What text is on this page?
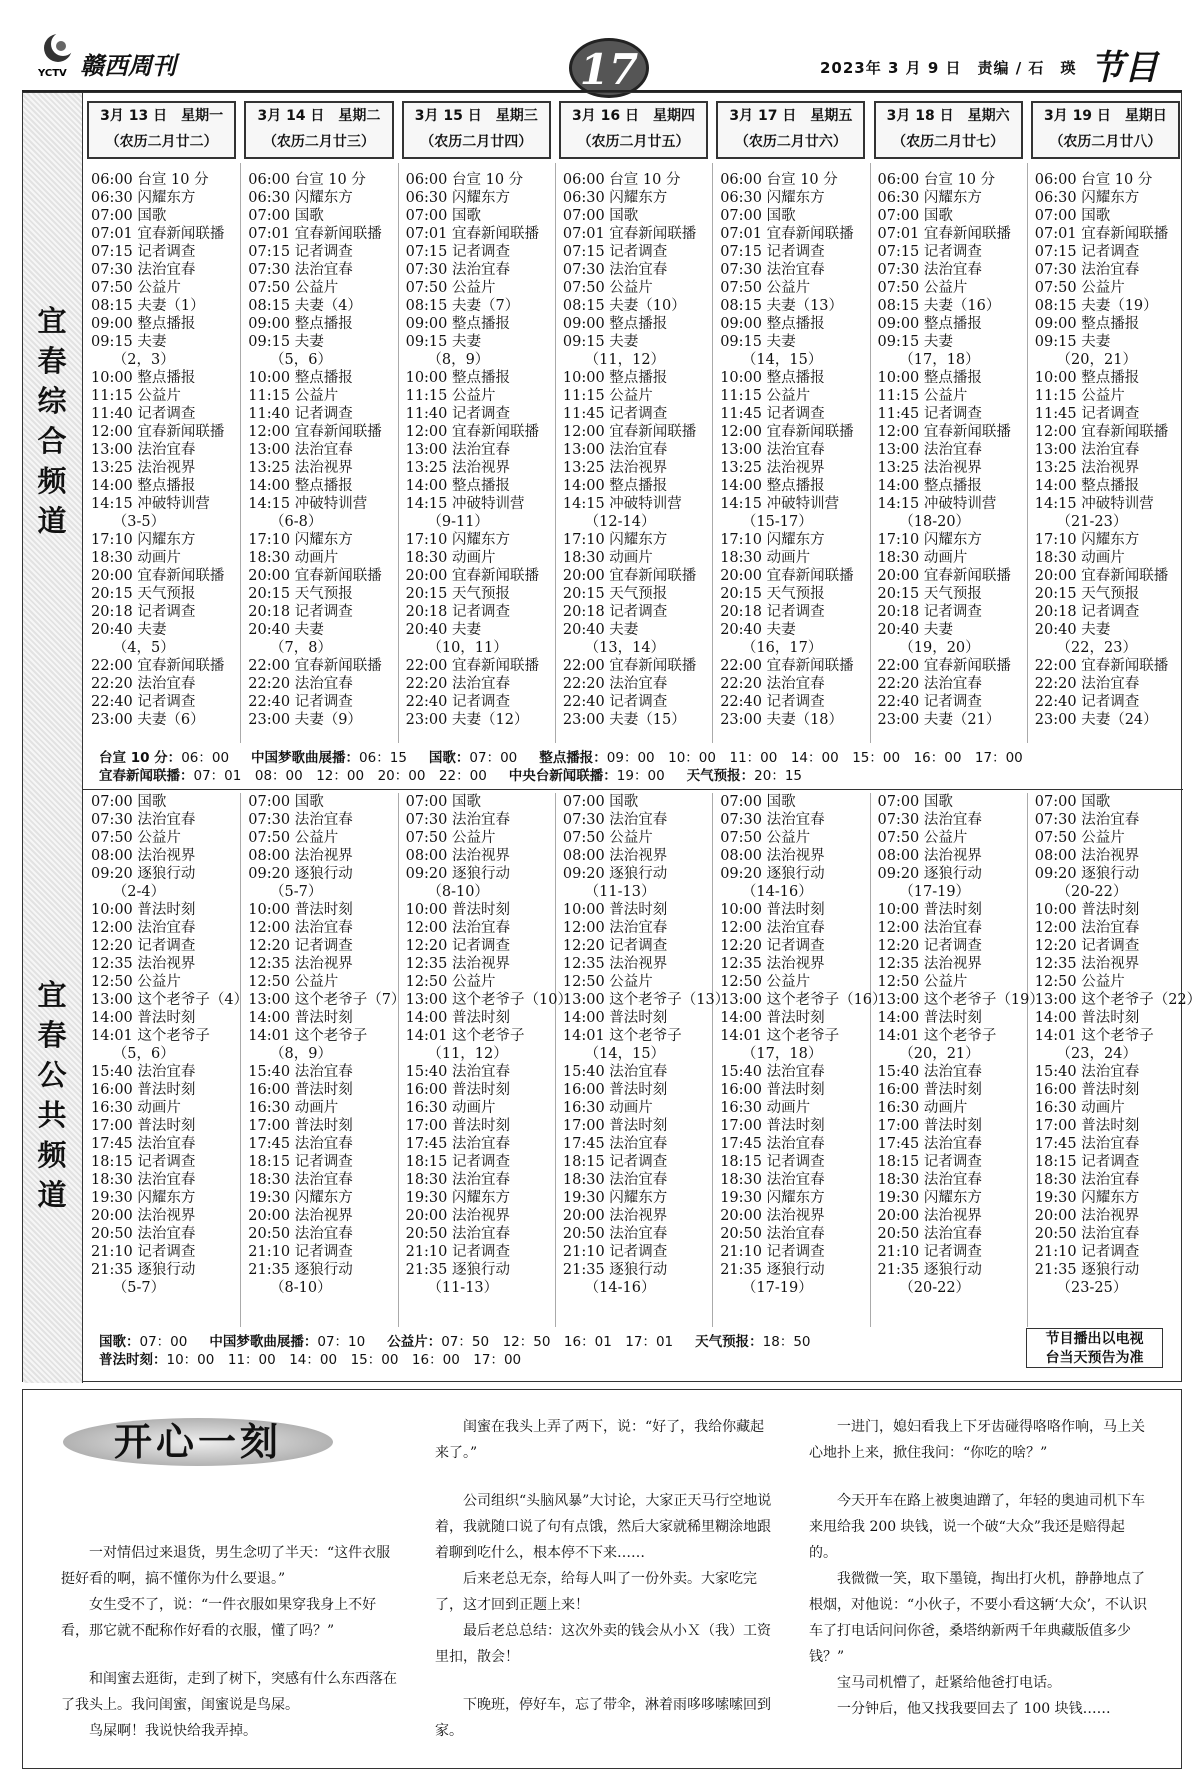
YCTV 赣西周刊	17	2023年 3 月 9 日　责编 / 石　瑛 节目
宜春综合频道
宜春公共频道
台宣 10 分：06：00 中国梦歌曲展播：06：15 国歌：07：00 整点播报：09：00　10：00　11：00　14：00　15：00　16：00　17：00
宜春新闻联播：07：01　08：00　12：00　20：00　22：00 中央台新闻联播：19：00 天气预报：20：15
国歌：07：00 中国梦歌曲展播：07：10 公益片：07：50　12：50　16：01　17：01 天气预报：18：50
普法时刻：10：00　11：00　14：00　15：00　16：00　17：00
节目播出以电视
台当天预告为准
3月 13 日　星期一
（农历二月廿二）
3月 14 日　星期二
（农历二月廿三）
3月 15 日　星期三
（农历二月廿四）
3月 16 日　星期四
（农历二月廿五）
3月 17 日　星期五
（农历二月廿六）
3月 18 日　星期六
（农历二月廿七）
3月 19 日　星期日
（农历二月廿八）
06:00 台宣 10 分
06:30 闪耀东方
07:00 国歌
07:01 宜春新闻联播
07:15 记者调查
07:30 法治宜春
07:50 公益片
08:15 夫妻（1）
09:00 整点播报
09:15 夫妻
　　（2，3）
10:00 整点播报
11:15 公益片
11:40 记者调查
12:00 宜春新闻联播
13:00 法治宜春
13:25 法治视界
14:00 整点播报
14:15 冲破特训营
　　（3-5）
17:10 闪耀东方
18:30 动画片
20:00 宜春新闻联播
20:15 天气预报
20:18 记者调查
20:40 夫妻
　　（4，5）
22:00 宜春新闻联播
22:20 法治宜春
22:40 记者调查
23:00 夫妻（6）
06:00 台宣 10 分
06:30 闪耀东方
07:00 国歌
07:01 宜春新闻联播
07:15 记者调查
07:30 法治宜春
07:50 公益片
08:15 夫妻（4）
09:00 整点播报
09:15 夫妻
　　（5，6）
10:00 整点播报
11:15 公益片
11:40 记者调查
12:00 宜春新闻联播
13:00 法治宜春
13:25 法治视界
14:00 整点播报
14:15 冲破特训营
　　（6-8）
17:10 闪耀东方
18:30 动画片
20:00 宜春新闻联播
20:15 天气预报
20:18 记者调查
20:40 夫妻
　　（7，8）
22:00 宜春新闻联播
22:20 法治宜春
22:40 记者调查
23:00 夫妻（9）
06:00 台宣 10 分
06:30 闪耀东方
07:00 国歌
07:01 宜春新闻联播
07:15 记者调查
07:30 法治宜春
07:50 公益片
08:15 夫妻（7）
09:00 整点播报
09:15 夫妻
　　（8，9）
10:00 整点播报
11:15 公益片
11:40 记者调查
12:00 宜春新闻联播
13:00 法治宜春
13:25 法治视界
14:00 整点播报
14:15 冲破特训营
　　（9-11）
17:10 闪耀东方
18:30 动画片
20:00 宜春新闻联播
20:15 天气预报
20:18 记者调查
20:40 夫妻
　　（10，11）
22:00 宜春新闻联播
22:20 法治宜春
22:40 记者调查
23:00 夫妻（12）
06:00 台宣 10 分
06:30 闪耀东方
07:00 国歌
07:01 宜春新闻联播
07:15 记者调查
07:30 法治宜春
07:50 公益片
08:15 夫妻（10）
09:00 整点播报
09:15 夫妻
　　（11，12）
10:00 整点播报
11:15 公益片
11:45 记者调查
12:00 宜春新闻联播
13:00 法治宜春
13:25 法治视界
14:00 整点播报
14:15 冲破特训营
　　（12-14）
17:10 闪耀东方
18:30 动画片
20:00 宜春新闻联播
20:15 天气预报
20:18 记者调查
20:40 夫妻
　　（13，14）
22:00 宜春新闻联播
22:20 法治宜春
22:40 记者调查
23:00 夫妻（15）
06:00 台宣 10 分
06:30 闪耀东方
07:00 国歌
07:01 宜春新闻联播
07:15 记者调查
07:30 法治宜春
07:50 公益片
08:15 夫妻（13）
09:00 整点播报
09:15 夫妻
　　（14，15）
10:00 整点播报
11:15 公益片
11:45 记者调查
12:00 宜春新闻联播
13:00 法治宜春
13:25 法治视界
14:00 整点播报
14:15 冲破特训营
　　（15-17）
17:10 闪耀东方
18:30 动画片
20:00 宜春新闻联播
20:15 天气预报
20:18 记者调查
20:40 夫妻
　　（16，17）
22:00 宜春新闻联播
22:20 法治宜春
22:40 记者调查
23:00 夫妻（18）
06:00 台宣 10 分
06:30 闪耀东方
07:00 国歌
07:01 宜春新闻联播
07:15 记者调查
07:30 法治宜春
07:50 公益片
08:15 夫妻（16）
09:00 整点播报
09:15 夫妻
　　（17，18）
10:00 整点播报
11:15 公益片
11:45 记者调查
12:00 宜春新闻联播
13:00 法治宜春
13:25 法治视界
14:00 整点播报
14:15 冲破特训营
　　（18-20）
17:10 闪耀东方
18:30 动画片
20:00 宜春新闻联播
20:15 天气预报
20:18 记者调查
20:40 夫妻
　　（19，20）
22:00 宜春新闻联播
22:20 法治宜春
22:40 记者调查
23:00 夫妻（21）
06:00 台宣 10 分
06:30 闪耀东方
07:00 国歌
07:01 宜春新闻联播
07:15 记者调查
07:30 法治宜春
07:50 公益片
08:15 夫妻（19）
09:00 整点播报
09:15 夫妻
　　（20，21）
10:00 整点播报
11:15 公益片
11:45 记者调查
12:00 宜春新闻联播
13:00 法治宜春
13:25 法治视界
14:00 整点播报
14:15 冲破特训营
　　（21-23）
17:10 闪耀东方
18:30 动画片
20:00 宜春新闻联播
20:15 天气预报
20:18 记者调查
20:40 夫妻
　　（22，23）
22:00 宜春新闻联播
22:20 法治宜春
22:40 记者调查
23:00 夫妻（24）
07:00 国歌
07:30 法治宜春
07:50 公益片
08:00 法治视界
09:20 逐狼行动
　　（2-4）
10:00 普法时刻
12:00 法治宜春
12:20 记者调查
12:35 法治视界
12:50 公益片
13:00 这个老爷子（4）
14:00 普法时刻
14:01 这个老爷子
　　（5，6）
15:40 法治宜春
16:00 普法时刻
16:30 动画片
17:00 普法时刻
17:45 法治宜春
18:15 记者调查
18:30 法治宜春
19:30 闪耀东方
20:00 法治视界
20:50 法治宜春
21:10 记者调查
21:35 逐狼行动
　　（5-7）
07:00 国歌
07:30 法治宜春
07:50 公益片
08:00 法治视界
09:20 逐狼行动
　　（5-7）
10:00 普法时刻
12:00 法治宜春
12:20 记者调查
12:35 法治视界
12:50 公益片
13:00 这个老爷子（7）
14:00 普法时刻
14:01 这个老爷子
　　（8，9）
15:40 法治宜春
16:00 普法时刻
16:30 动画片
17:00 普法时刻
17:45 法治宜春
18:15 记者调查
18:30 法治宜春
19:30 闪耀东方
20:00 法治视界
20:50 法治宜春
21:10 记者调查
21:35 逐狼行动
　　（8-10）
07:00 国歌
07:30 法治宜春
07:50 公益片
08:00 法治视界
09:20 逐狼行动
　　（8-10）
10:00 普法时刻
12:00 法治宜春
12:20 记者调查
12:35 法治视界
12:50 公益片
13:00 这个老爷子（10）
14:00 普法时刻
14:01 这个老爷子
　　（11，12）
15:40 法治宜春
16:00 普法时刻
16:30 动画片
17:00 普法时刻
17:45 法治宜春
18:15 记者调查
18:30 法治宜春
19:30 闪耀东方
20:00 法治视界
20:50 法治宜春
21:10 记者调查
21:35 逐狼行动
　　（11-13）
07:00 国歌
07:30 法治宜春
07:50 公益片
08:00 法治视界
09:20 逐狼行动
　　（11-13）
10:00 普法时刻
12:00 法治宜春
12:20 记者调查
12:35 法治视界
12:50 公益片
13:00 这个老爷子（13）
14:00 普法时刻
14:01 这个老爷子
　　（14，15）
15:40 法治宜春
16:00 普法时刻
16:30 动画片
17:00 普法时刻
17:45 法治宜春
18:15 记者调查
18:30 法治宜春
19:30 闪耀东方
20:00 法治视界
20:50 法治宜春
21:10 记者调查
21:35 逐狼行动
　　（14-16）
07:00 国歌
07:30 法治宜春
07:50 公益片
08:00 法治视界
09:20 逐狼行动
　　（14-16）
10:00 普法时刻
12:00 法治宜春
12:20 记者调查
12:35 法治视界
12:50 公益片
13:00 这个老爷子（16）
14:00 普法时刻
14:01 这个老爷子
　　（17，18）
15:40 法治宜春
16:00 普法时刻
16:30 动画片
17:00 普法时刻
17:45 法治宜春
18:15 记者调查
18:30 法治宜春
19:30 闪耀东方
20:00 法治视界
20:50 法治宜春
21:10 记者调查
21:35 逐狼行动
　　（17-19）
07:00 国歌
07:30 法治宜春
07:50 公益片
08:00 法治视界
09:20 逐狼行动
　　（17-19）
10:00 普法时刻
12:00 法治宜春
12:20 记者调查
12:35 法治视界
12:50 公益片
13:00 这个老爷子（19）
14:00 普法时刻
14:01 这个老爷子
　　（20，21）
15:40 法治宜春
16:00 普法时刻
16:30 动画片
17:00 普法时刻
17:45 法治宜春
18:15 记者调查
18:30 法治宜春
19:30 闪耀东方
20:00 法治视界
20:50 法治宜春
21:10 记者调查
21:35 逐狼行动
　　（20-22）
07:00 国歌
07:30 法治宜春
07:50 公益片
08:00 法治视界
09:20 逐狼行动
　　（20-22）
10:00 普法时刻
12:00 法治宜春
12:20 记者调查
12:35 法治视界
12:50 公益片
13:00 这个老爷子（22）
14:00 普法时刻
14:01 这个老爷子
　　（23，24）
15:40 法治宜春
16:00 普法时刻
16:30 动画片
17:00 普法时刻
17:45 法治宜春
18:15 记者调查
18:30 法治宜春
19:30 闪耀东方
20:00 法治视界
20:50 法治宜春
21:10 记者调查
21:35 逐狼行动
　　（23-25）
开心一刻

一对情侣过来退货，男生念叨了半天：“这件衣服挺好看的啊，搞不懂你为什么要退。”

女生受不了，说：“一件衣服如果穿我身上不好看，那它就不配称作好看的衣服，懂了吗？”

和闺蜜去逛街，走到了树下，突感有什么东西落在了我头上。我问闺蜜，闺蜜说是鸟屎。

鸟屎啊！我说快给我弄掉。

闺蜜在我头上弄了两下，说：“好了，我给你藏起来了。”

公司组织“头脑风暴”大讨论，大家正天马行空地说着，我就随口说了句有点饿，然后大家就稀里糊涂地跟着聊到吃什么，根本停不下来……

后来老总无奈，给每人叫了一份外卖。大家吃完了，这才回到正题上来！

最后老总总结：这次外卖的钱会从小Ｘ（我）工资里扣，散会！

下晚班，停好车，忘了带伞，淋着雨哆哆嗦嗦回到家。

一进门，媳妇看我上下牙齿碰得咯咯作响，马上关心地扑上来，掀住我问：“你吃的啥？”

今天开车在路上被奥迪蹭了，年轻的奥迪司机下车来甩给我 200 块钱，说一个破“大众”我还是赔得起的。

我微微一笑，取下墨镜，掏出打火机，静静地点了根烟，对他说：“小伙子，不要小看这辆‘大众’，不认识车了打电话问问你爸，桑塔纳新两千年典藏版值多少钱？”

宝马司机懵了，赶紧给他爸打电话。

一分钟后，他又找我要回去了 100 块钱……
